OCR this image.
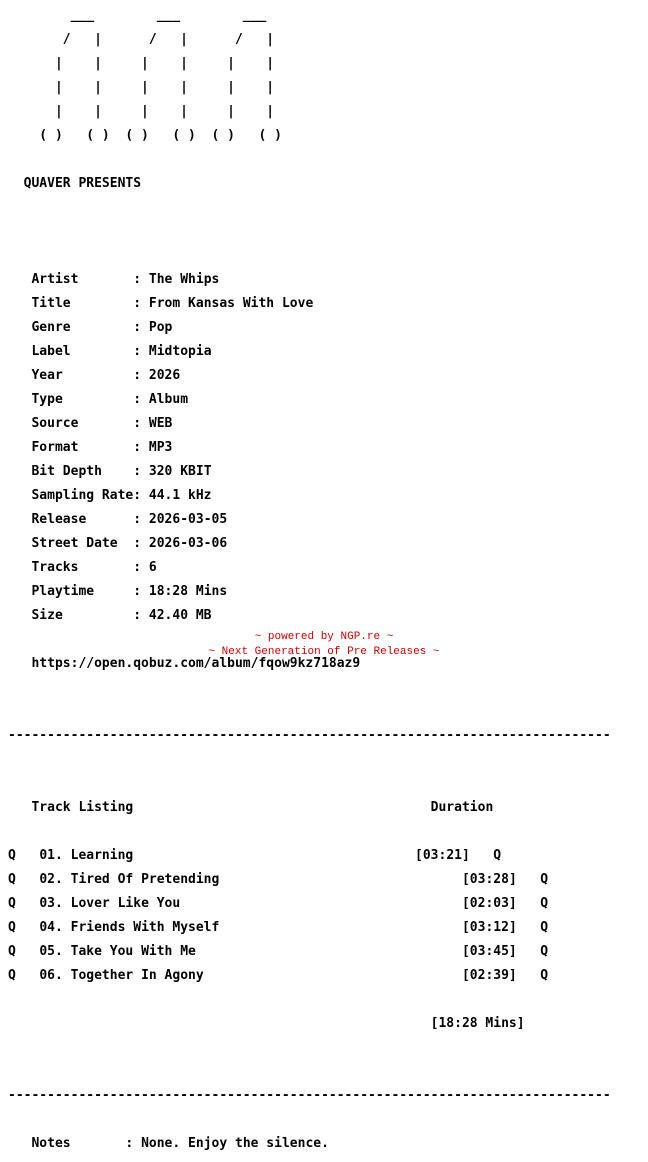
___        ___        ___

/   |      /   |      /   |

|    |     |    |     |    |

|    |     |    |     |    |

|    |     |    |     |    |

( )   ( )  ( )   ( )  ( )   ( )

QUAVER PRESENTS

Artist       : The Whips

Title        : From Kansas With Love

Genre        : Pop

Label        : Midtopia

Year         : 2026

Type         : Album

Source       : WEB

Format       : MP3

Bit Depth    : 320 KBIT

Sampling Rate: 44.1 kHz

Release      : 2026-03-05

Street Date  : 2026-03-06

Tracks       : 6

Playtime     : 18:28 Mins

Size         : 42.40 MB

https://open.qobuz.com/album/fqow9kz718az9

-----------------------------------------------------------------------------

Track Listing	Duration

Q 01. Learning	[03:21] Q

Q 02. Tired Of Pretending	[03:28] Q

Q 03. Lover Like You	[02:03] Q

Q 04. Friends With Myself	[03:12] Q

Q 05. Take You With Me	[03:45] Q

Q 06. Together In Agony	[02:39] Q

[18:28 Mins]

-----------------------------------------------------------------------------

Notes       : None. Enjoy the silence.

~ powered by NGP.re ~
~ Next Generation of Pre Releases ~
